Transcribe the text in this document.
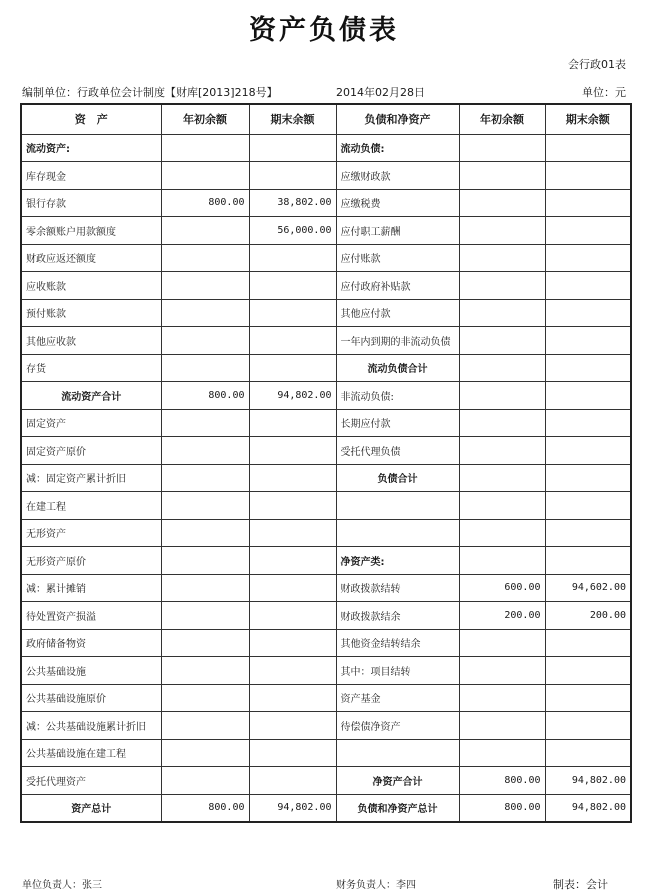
资产负债表
会行政01表
编制单位：行政单位会计制度【财库[2013]218号】	2014年02月28日	单位：元
资　产	年初余额	期末余额	负债和净资产	年初余额	期末余额
流动资产:			流动负债:		
库存现金			应缴财政款		
银行存款	800.00	38,802.00	应缴税费		
零余额账户用款额度		56,000.00	应付职工薪酬		
财政应返还额度			应付账款		
应收账款			应付政府补贴款		
预付账款			其他应付款		
其他应收款			一年内到期的非流动负债		
存货			流动负债合计		
流动资产合计	800.00	94,802.00	非流动负债:		
固定资产			长期应付款		
固定资产原价			受托代理负债		
减：固定资产累计折旧			负债合计		
在建工程					
无形资产					
无形资产原价			净资产类:		
减：累计摊销			财政拨款结转	600.00	94,602.00
待处置资产损溢			财政拨款结余	200.00	200.00
政府储备物资			其他资金结转结余		
公共基础设施			其中：项目结转		
公共基础设施原价			资产基金		
减：公共基础设施累计折旧			待偿债净资产		
公共基础设施在建工程					
受托代理资产			净资产合计	800.00	94,802.00
资产总计	800.00	94,802.00	负债和净资产总计	800.00	94,802.00
单位负责人：张三	财务负责人：李四	制表：会计
